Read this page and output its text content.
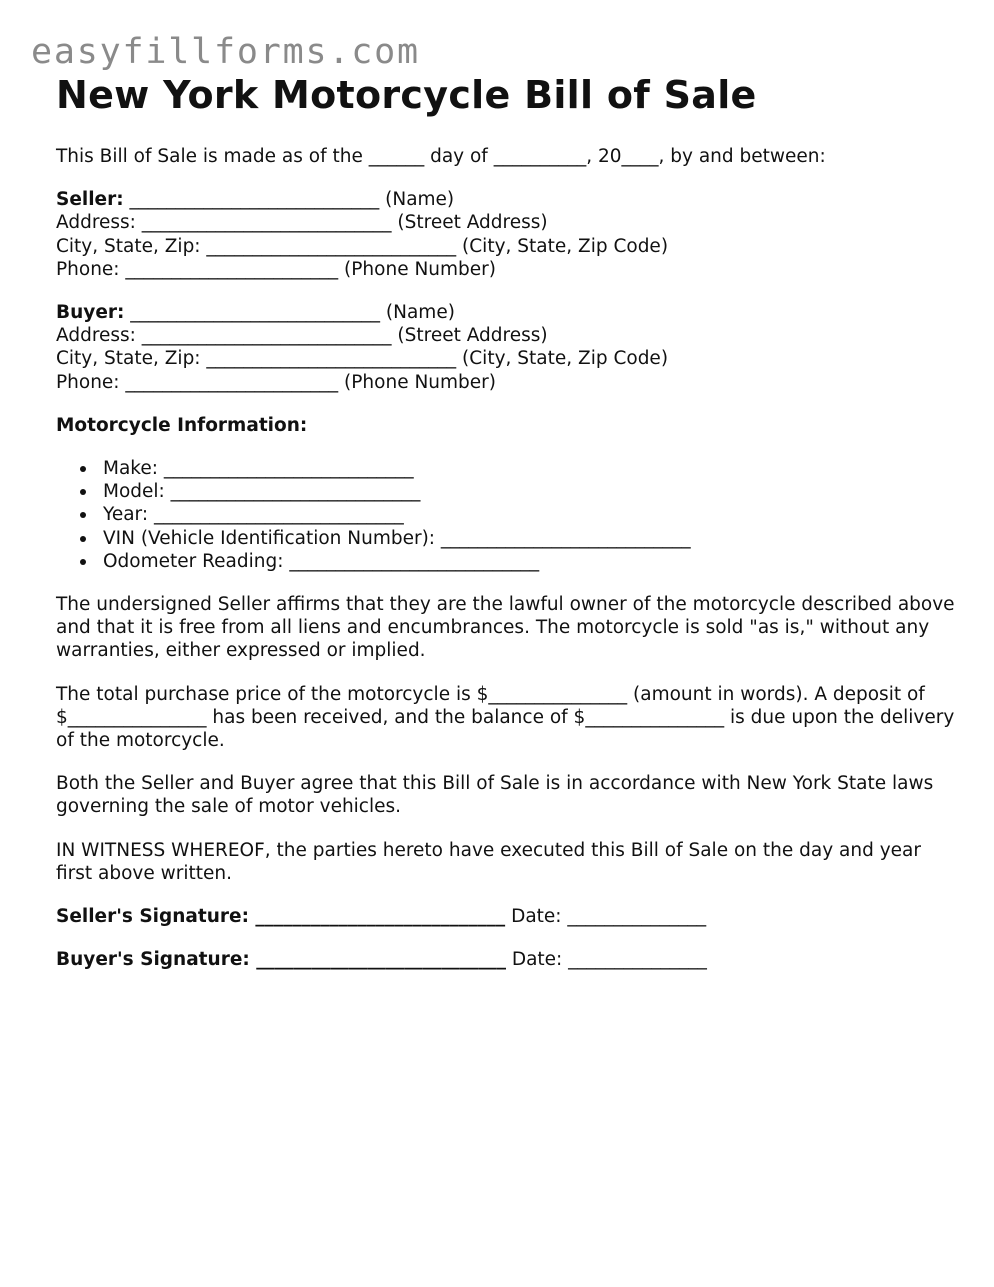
easyfillforms.com
New York Motorcycle Bill of Sale

This Bill of Sale is made as of the ______ day of __________, 20____, by and between:

Seller: ___________________________ (Name)

Address: ___________________________ (Street Address)

City, State, Zip: ___________________________ (City, State, Zip Code)

Phone: _______________________ (Phone Number)

Buyer: ___________________________ (Name)

Address: ___________________________ (Street Address)

City, State, Zip: ___________________________ (City, State, Zip Code)

Phone: _______________________ (Phone Number)

Motorcycle Information:

Make: ___________________________
Model: ___________________________
Year: ___________________________
VIN (Vehicle Identification Number): ___________________________
Odometer Reading: ___________________________

The undersigned Seller affirms that they are the lawful owner of the motorcycle described above and that it is free from all liens and encumbrances. The motorcycle is sold "as is," without any warranties, either expressed or implied.

The total purchase price of the motorcycle is $_______________ (amount in words). A deposit of $_______________ has been received, and the balance of $_______________ is due upon the delivery of the motorcycle.

Both the Seller and Buyer agree that this Bill of Sale is in accordance with New York State laws governing the sale of motor vehicles.

IN WITNESS WHEREOF, the parties hereto have executed this Bill of Sale on the day and year first above written.

Seller's Signature: ___________________________ Date: _______________

Buyer's Signature: ___________________________ Date: _______________
